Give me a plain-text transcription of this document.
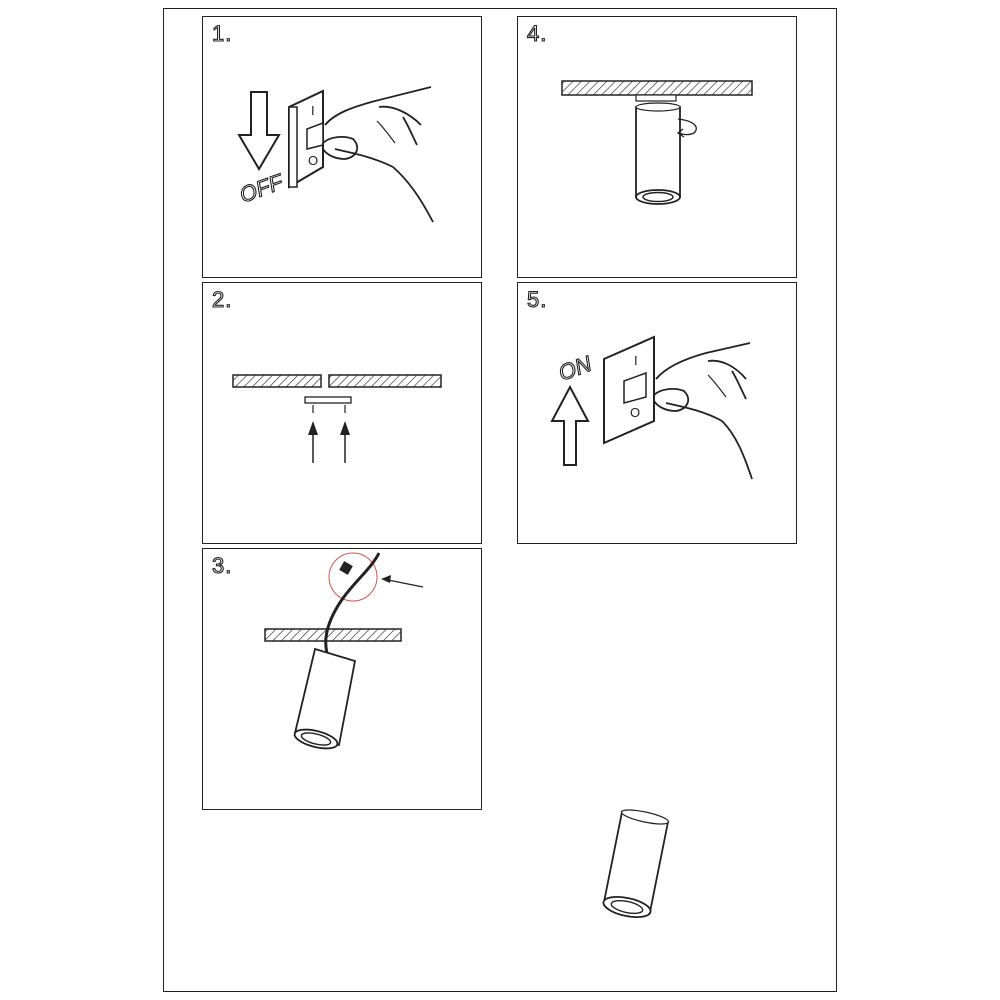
1.
OFF
I
O
4.
2.	5.
ON	I
O
3.
